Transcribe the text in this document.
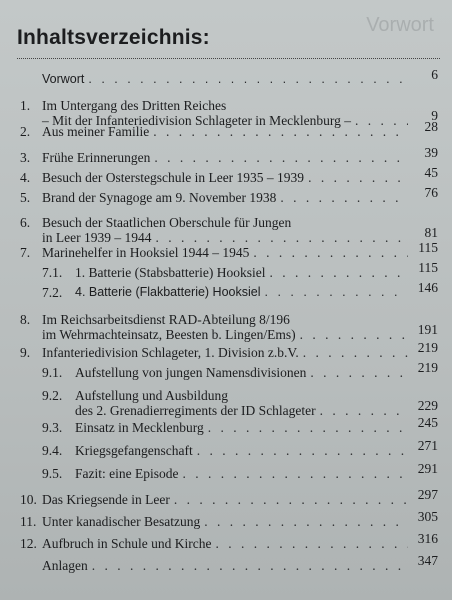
Vorwort
Inhaltsverzeichnis:
Vorwort . . .	6
1. Im Untergang des Dritten Reiches
– Mit der Infanteriedivision Schlageter in Mecklenburg – . . .	9
2. Aus meiner Familie . . .	28
3. Frühe Erinnerungen . . .	39
4. Besuch der Osterstegschule in Leer 1935 – 1939 . . .	45
5. Brand der Synagoge am 9. November 1938 . . .	76
6. Besuch der Staatlichen Oberschule für Jungen
in Leer 1939 – 1944 . . .	81
7. Marinehelfer in Hooksiel 1944 – 1945 . . .	115
7.1. 1. Batterie (Stabsbatterie) Hooksiel . . .	115
7.2. 4. Batterie (Flakbatterie) Hooksiel . . .	146
8. Im Reichsarbeitsdienst RAD-Abteilung 8/196
im Wehrmachteinsatz, Beesten b. Lingen/Ems) . . .	191
9. Infanteriedivision Schlageter, 1. Division z.b.V. . . .	219
9.1. Aufstellung von jungen Namensdivisionen . . .	219
9.2. Aufstellung und Ausbildung
des 2. Grenadierregiments der ID Schlageter . . .	229
9.3. Einsatz in Mecklenburg . . .	245
9.4. Kriegsgefangenschaft . . .	271
9.5. Fazit: eine Episode . . .	291
10. Das Kriegsende in Leer . . .	297
11. Unter kanadischer Besatzung . . .	305
12. Aufbruch in Schule und Kirche . . .	316
Anlagen . . .	347
